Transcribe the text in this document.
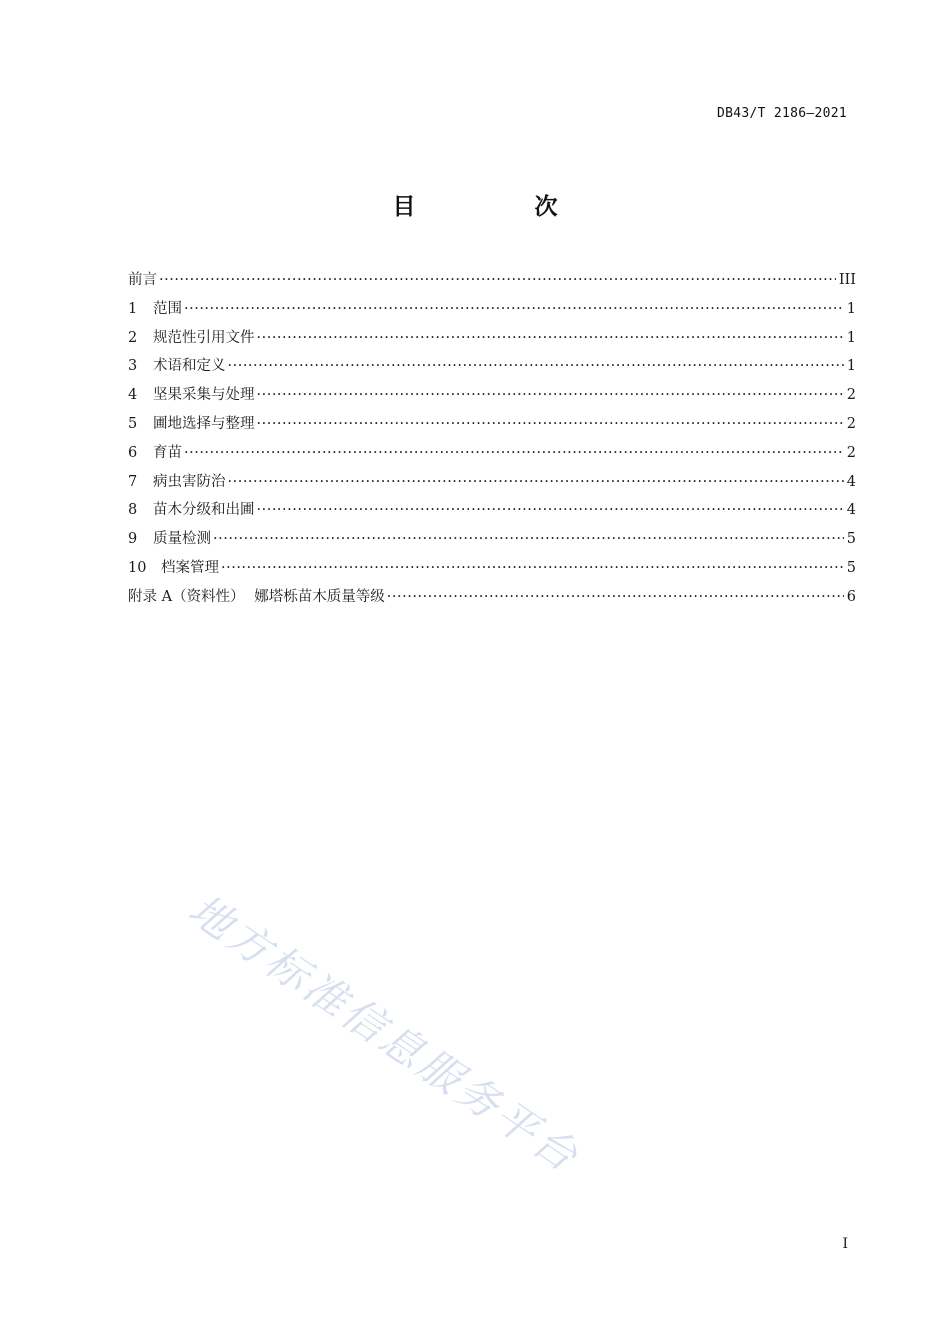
DB43/T 2186—2021
目　次
前言 ·····	III
1	范围 ·····	1
2	规范性引用文件 ·····	1
3	术语和定义 ·····	1
4	坚果采集与处理 ·····	2
5	圃地选择与整理 ·····	2
6	育苗 ·····	2
7	病虫害防治 ·····	4
8	苗木分级和出圃 ·····	4
9	质量检测 ·····	5
10	档案管理 ·····	5
附录 A（资料性） 娜塔栎苗木质量等级 ·····	6
地方标准信息服务平台
I
